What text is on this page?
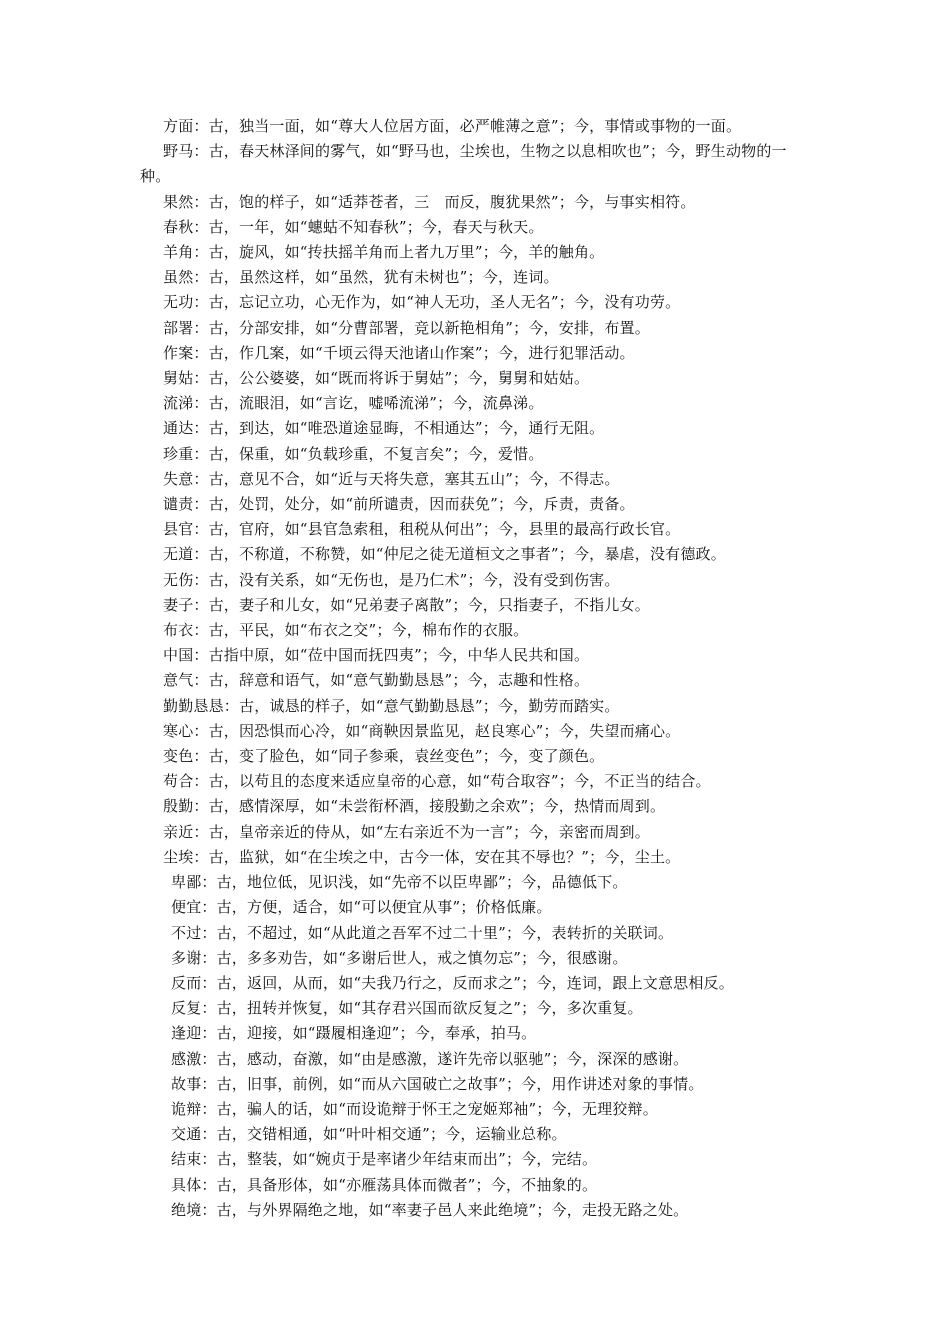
方面：古，独当一面，如“尊大人位居方面，必严帷薄之意”；今，事情或事物的一面。
野马：古，春天林泽间的雾气，如“野马也，尘埃也，生物之以息相吹也”；今，野生动物的一种。
果然：古，饱的样子，如“适莽苍者，三　而反，腹犹果然”；今，与事实相符。
春秋：古，一年，如“蟪蛄不知春秋”；今，春天与秋天。
羊角：古，旋风，如“抟扶摇羊角而上者九万里”；今，羊的触角。
虽然：古，虽然这样，如“虽然，犹有未树也”；今，连词。
无功：古，忘记立功，心无作为，如“神人无功，圣人无名”；今，没有功劳。
部署：古，分部安排，如“分曹部署，竞以新艳相角”；今，安排，布置。
作案：古，作几案，如“千顷云得天池诸山作案”；今，进行犯罪活动。
舅姑：古，公公婆婆，如“既而将诉于舅姑”；今，舅舅和姑姑。
流涕：古，流眼泪，如“言讫，嘘唏流涕”；今，流鼻涕。
通达：古，到达，如“唯恐道途显晦，不相通达”；今，通行无阻。
珍重：古，保重，如“负载珍重，不复言矣”；今，爱惜。
失意：古，意见不合，如“近与天将失意，塞其五山”；今，不得志。
谴责：古，处罚，处分，如“前所谴责，因而获免”；今，斥责，责备。
县官：古，官府，如“县官急索租，租税从何出”；今，县里的最高行政长官。
无道：古，不称道，不称赞，如“仲尼之徒无道桓文之事者”；今，暴虐，没有德政。
无伤：古，没有关系，如“无伤也，是乃仁术”；今，没有受到伤害。
妻子：古，妻子和儿女，如“兄弟妻子离散”；今，只指妻子，不指儿女。
布衣：古，平民，如“布衣之交”；今，棉布作的衣服。
中国：古指中原，如“莅中国而抚四夷”；今，中华人民共和国。
意气：古，辞意和语气，如“意气勤勤恳恳”；今，志趣和性格。
勤勤恳恳：古，诚恳的样子，如“意气勤勤恳恳”；今，勤劳而踏实。
寒心：古，因恐惧而心冷，如“商鞅因景监见，赵良寒心”；今，失望而痛心。
变色：古，变了脸色，如“同子参乘，袁丝变色”；今，变了颜色。
苟合：古，以苟且的态度来适应皇帝的心意，如“苟合取容”；今，不正当的结合。
殷勤：古，感情深厚，如“未尝衔杯酒，接殷勤之余欢”；今，热情而周到。
亲近：古，皇帝亲近的侍从，如“左右亲近不为一言”；今，亲密而周到。
尘埃：古，监狱，如“在尘埃之中，古今一体，安在其不辱也？”；今，尘土。
卑鄙：古，地位低，见识浅，如“先帝不以臣卑鄙”；今，品德低下。
便宜：古，方便，适合，如“可以便宜从事”；价格低廉。
不过：古，不超过，如“从此道之吾军不过二十里”；今，表转折的关联词。
多谢：古，多多劝告，如“多谢后世人，戒之慎勿忘”；今，很感谢。
反而：古，返回，从而，如“夫我乃行之，反而求之”；今，连词，跟上文意思相反。
反复：古，扭转并恢复，如“其存君兴国而欲反复之”；今，多次重复。
逢迎：古，迎接，如“蹑履相逢迎”；今，奉承，拍马。
感激：古，感动，奋激，如“由是感激，遂许先帝以驱驰”；今，深深的感谢。
故事：古，旧事，前例，如“而从六国破亡之故事”；今，用作讲述对象的事情。
诡辩：古，骗人的话，如“而设诡辩于怀王之宠姬郑袖”；今，无理狡辩。
交通：古，交错相通，如“叶叶相交通”；今，运输业总称。
结束：古，整装，如“婉贞于是率诸少年结束而出”；今，完结。
具体：古，具备形体，如“亦雁荡具体而微者”；今，不抽象的。
绝境：古，与外界隔绝之地，如“率妻子邑人来此绝境”；今，走投无路之处。
